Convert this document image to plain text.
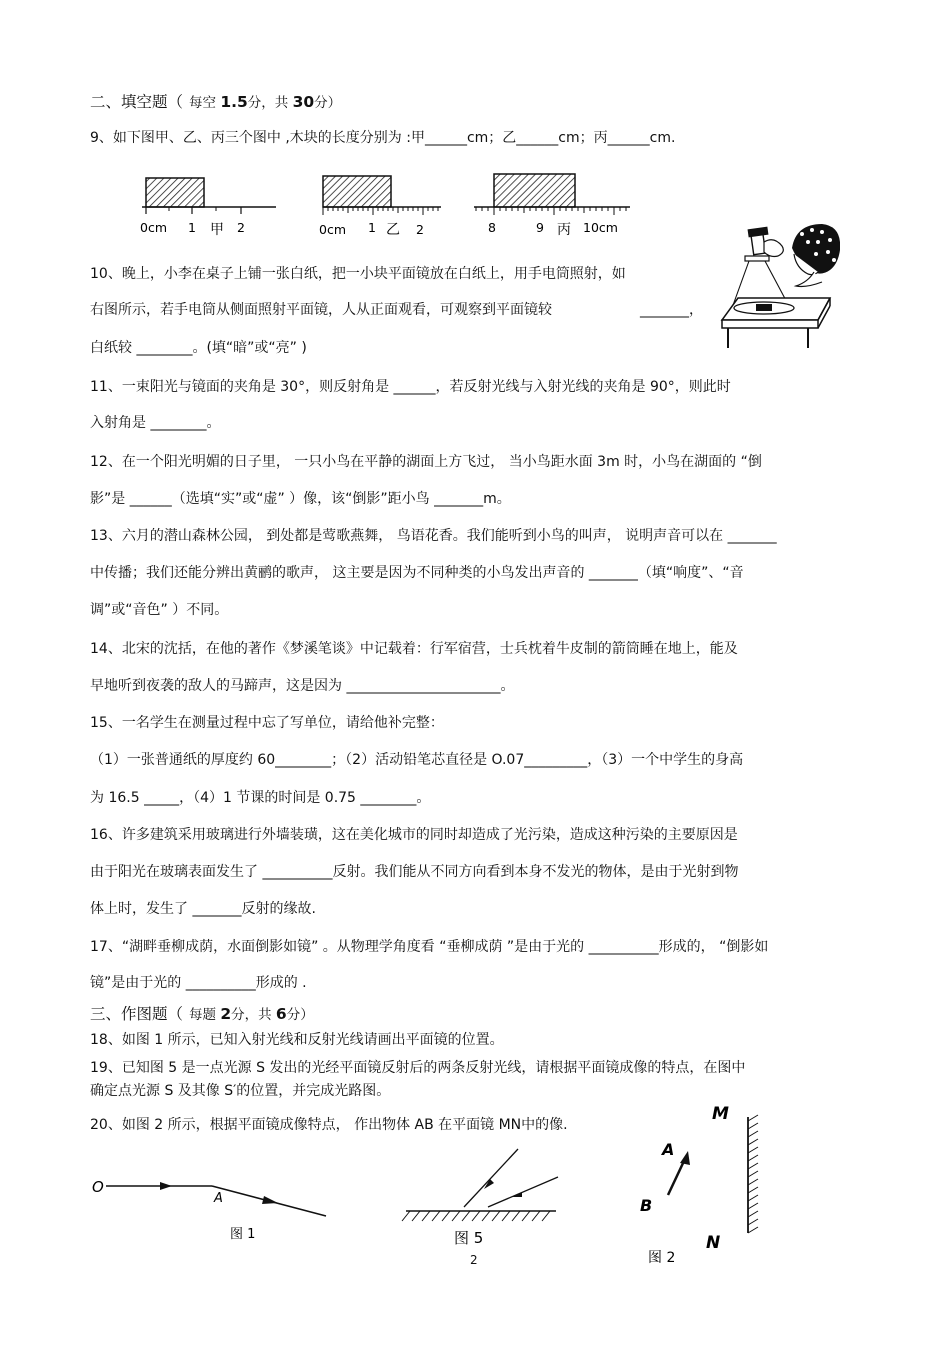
二、填空题（ 每空 1.5分，共 30分）
9、如下图甲、乙、丙三个图中 ,木块的长度分别为 :甲______cm；乙______cm；丙______cm.
0cm 1 甲 2	0cm 1 乙 2	8	9 丙 10cm
10、晚上，小李在桌子上铺一张白纸，把一小块平面镜放在白纸上，用手电筒照射，如
右图所示，若手电筒从侧面照射平面镜，人从正面观看，可观察到平面镜较	_______，
白纸较 ________。(填“暗”或“亮” )
11、一束阳光与镜面的夹角是 30°，则反射角是 ______，若反射光线与入射光线的夹角是 90°，则此时
入射角是 ________。
12、在一个阳光明媚的日子里， 一只小鸟在平静的湖面上方飞过， 当小鸟距水面 3m 时，小鸟在湖面的 “倒
影”是 ______（选填“实”或“虚” ）像，该“倒影”距小鸟 _______m。
13、六月的潜山森林公园， 到处都是莺歌燕舞， 鸟语花香。我们能听到小鸟的叫声， 说明声音可以在 _______
中传播；我们还能分辨出黄鹂的歌声， 这主要是因为不同种类的小鸟发出声音的 _______（填“响度”、“音
调”或“音色” ）不同。
14、北宋的沈括，在他的著作《梦溪笔谈》中记载着：行军宿营，士兵枕着牛皮制的箭筒睡在地上，能及
早地听到夜袭的敌人的马蹄声，这是因为 ______________________。
15、一名学生在测量过程中忘了写单位，请给他补完整：
（1）一张普通纸的厚度约 60________；（2）活动铅笔芯直径是 O.07_________，（3）一个中学生的身高
为 16.5 _____，（4）1 节课的时间是 0.75 ________。
16、许多建筑采用玻璃进行外墙装璜，这在美化城市的同时却造成了光污染，造成这种污染的主要原因是
由于阳光在玻璃表面发生了 __________反射。我们能从不同方向看到本身不发光的物体，是由于光射到物
体上时，发生了 _______反射的缘故.
17、“湖畔垂柳成荫，水面倒影如镜” 。从物理学角度看 “垂柳成荫 ”是由于光的 __________形成的， “倒影如
镜”是由于光的 __________形成的 .
三、作图题（ 每题 2分，共 6分）
18、如图 1 所示，已知入射光线和反射光线请画出平面镜的位置。
19、已知图 5 是一点光源 S 发出的光经平面镜反射后的两条反射光线，请根据平面镜成像的特点，在图中
确定点光源 S 及其像 S′的位置，并完成光路图。
20、如图 2 所示，根据平面镜成像特点， 作出物体 AB 在平面镜 MN中的像.
O
A
图 1	图 5
2
M
N
A
B
图 2
